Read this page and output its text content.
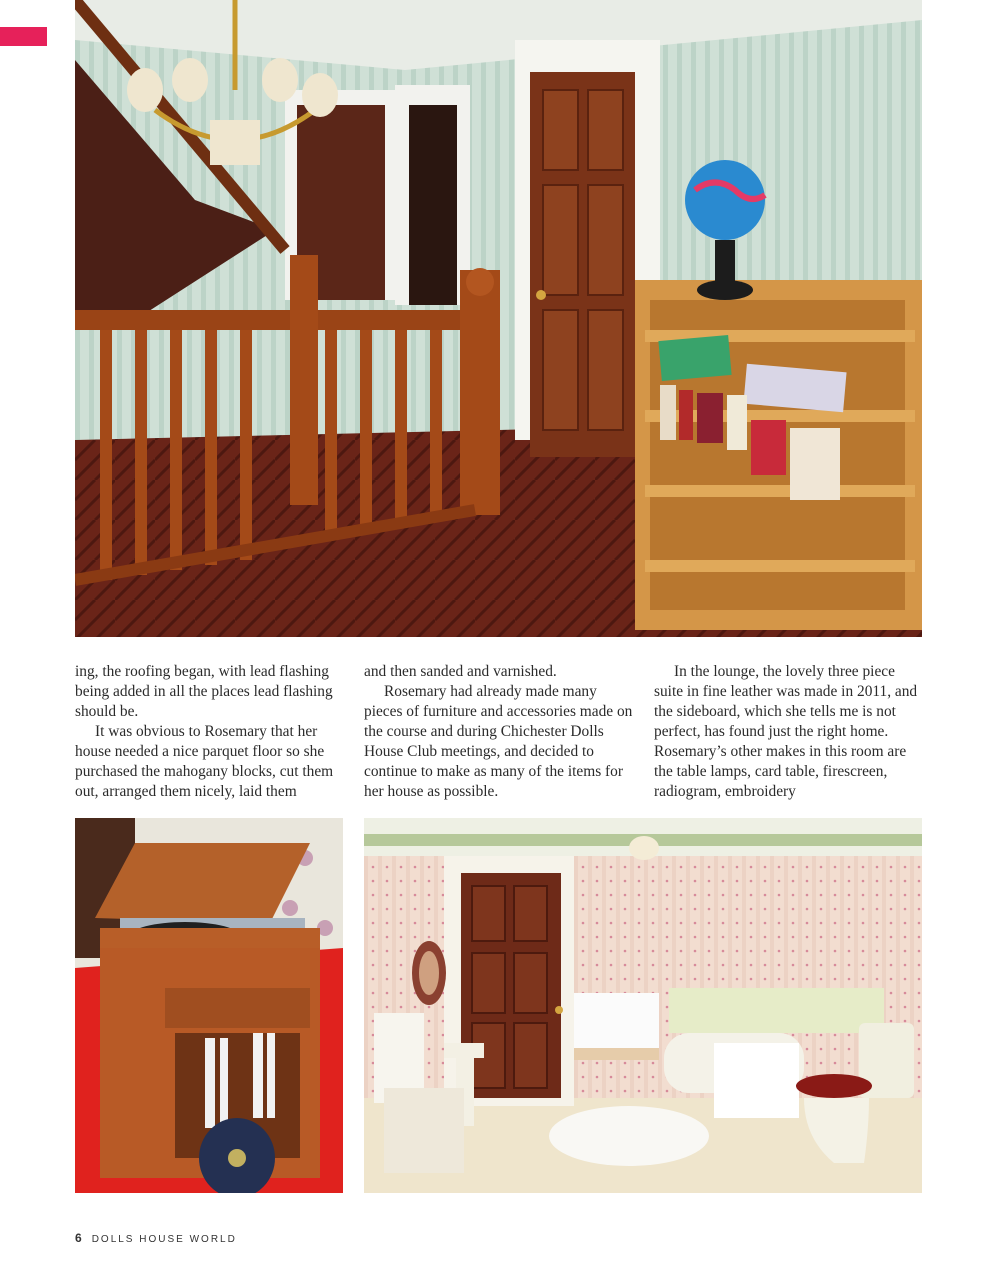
ing, the roofing began, with lead flashing being added in all the places lead flashing should be.

It was obvious to Rosemary that her house needed a nice parquet floor so she purchased the mahogany blocks, cut them out, arranged them nicely, laid them

and then sanded and varnished.

Rosemary had already made many pieces of furniture and accessories made on the course and during Chichester Dolls House Club meetings, and decided to continue to make as many of the items for her house as possible.

In the lounge, the lovely three piece suite in fine leather was made in 2011, and the sideboard, which she tells me is not perfect, has found just the right home. Rosemary’s other makes in this room are the table lamps, card table, firescreen, radiogram, embroidery

6 DOLLS HOUSE WORLD
